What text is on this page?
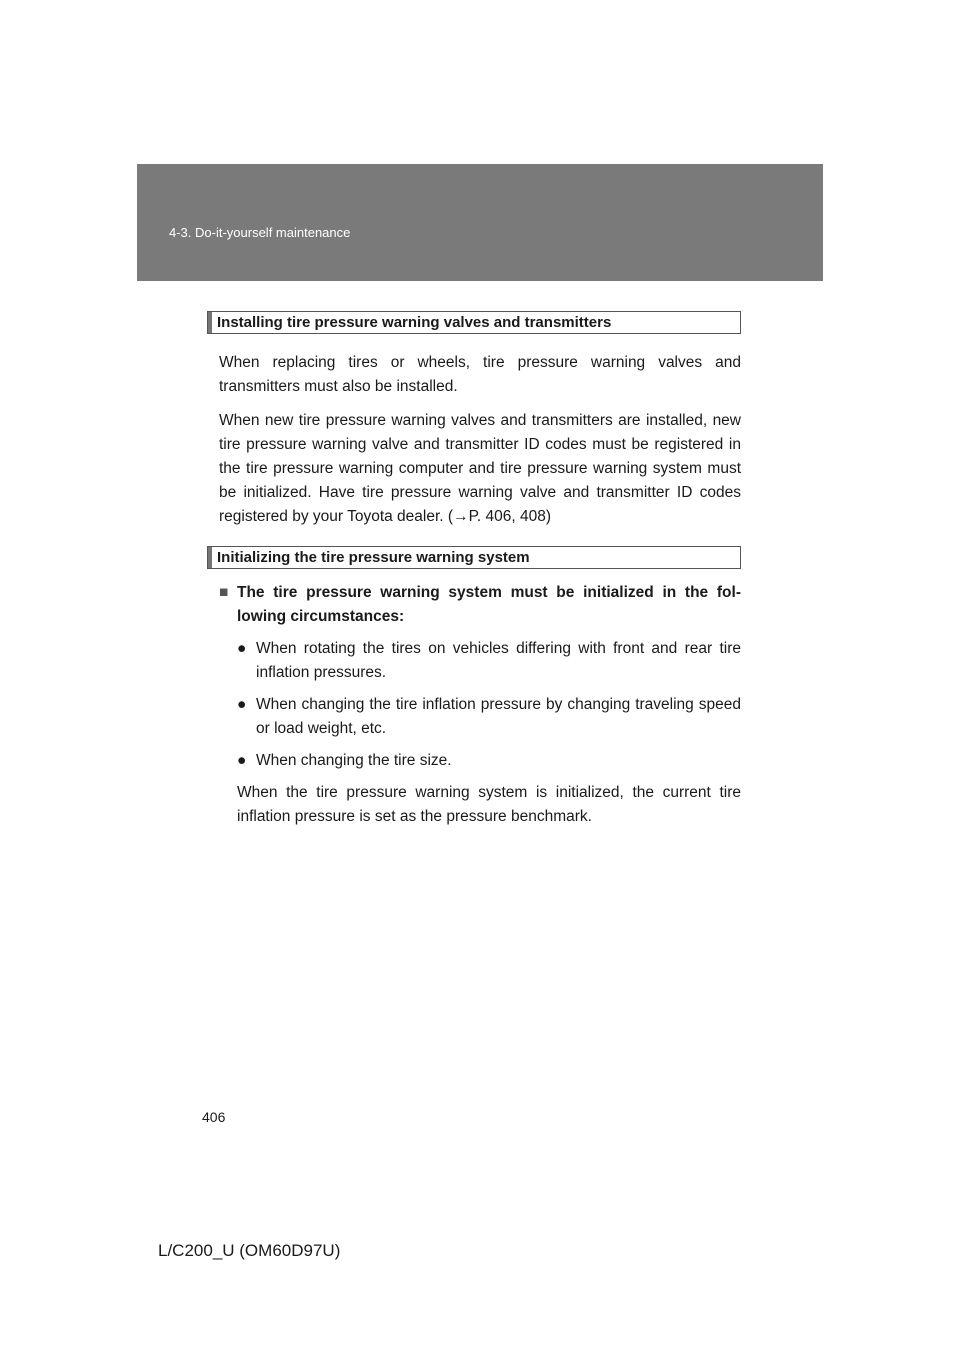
4-3. Do-it-yourself maintenance
Installing tire pressure warning valves and transmitters

When replacing tires or wheels, tire pressure warning valves and transmitters must also be installed.

When new tire pressure warning valves and transmitters are installed, new tire pressure warning valve and transmitter ID codes must be registered in the tire pressure warning computer and tire pressure warning system must be initialized. Have tire pressure warning valve and transmitter ID codes registered by your Toyota dealer. (→P. 406, 408)

Initializing the tire pressure warning system
■ The tire pressure warning system must be initialized in the fol-lowing circumstances:
● When rotating the tires on vehicles differing with front and rear tire inflation pressures.
● When changing the tire inflation pressure by changing traveling speed or load weight, etc.
● When changing the tire size.
When the tire pressure warning system is initialized, the current tire inflation pressure is set as the pressure benchmark.
406
L/C200_U (OM60D97U)
